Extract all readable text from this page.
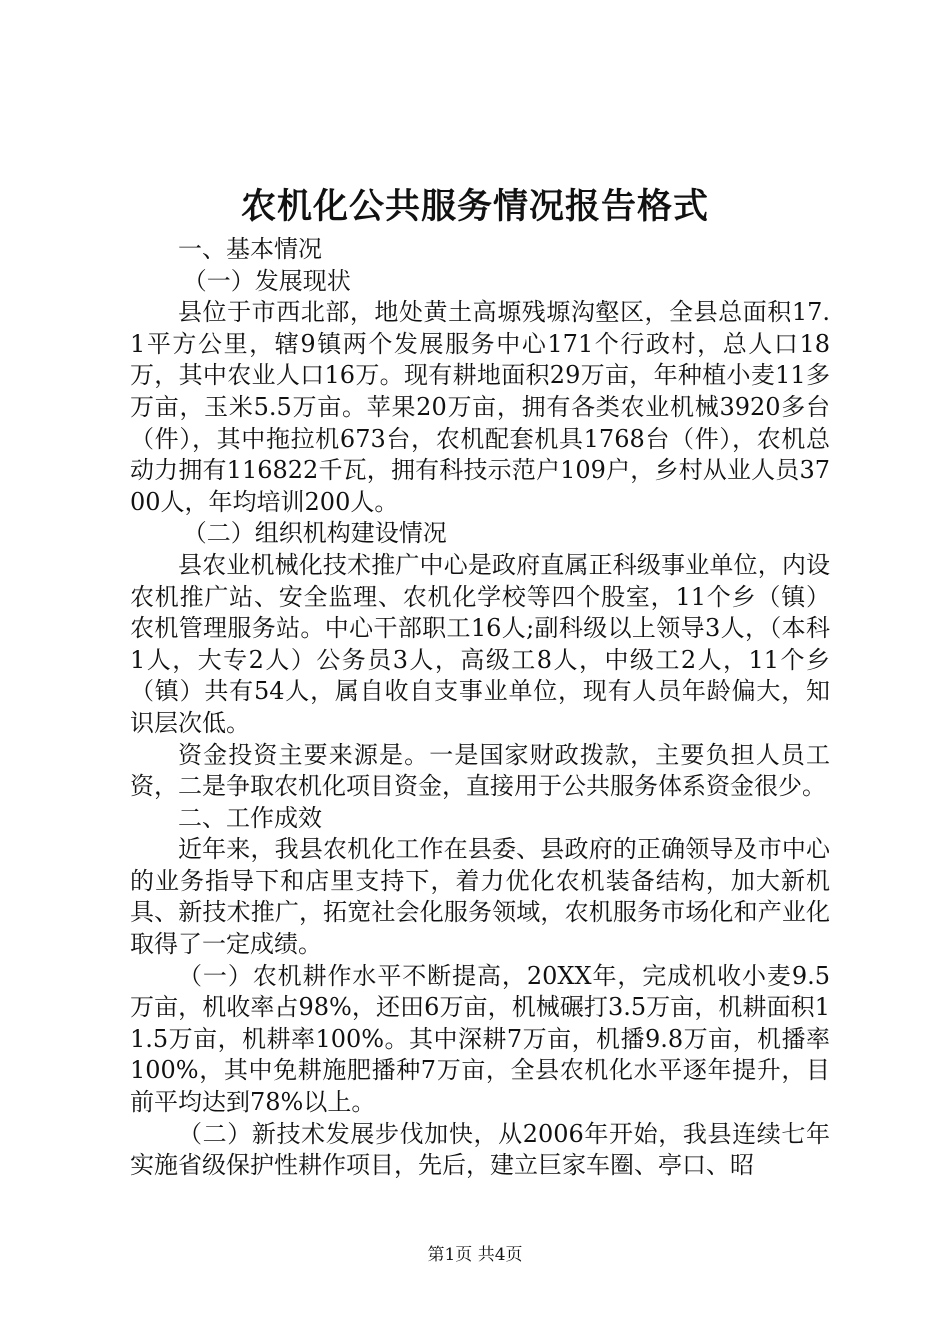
农机化公共服务情况报告格式

一、基本情况

（一）发展现状

县位于市西北部，地处黄土高塬残塬沟壑区，全县总面积17.1平方公里，辖9镇两个发展服务中心171个行政村，总人口18万，其中农业人口16万。现有耕地面积29万亩，年种植小麦11多万亩，玉米5.5万亩。苹果20万亩，拥有各类农业机械3920多台（件），其中拖拉机673台，农机配套机具1768台（件），农机总动力拥有116822千瓦，拥有科技示范户109户，乡村从业人员3700人，年均培训200人。

（二）组织机构建设情况

县农业机械化技术推广中心是政府直属正科级事业单位，内设农机推广站、安全监理、农机化学校等四个股室，11个乡（镇）农机管理服务站。中心干部职工16人;副科级以上领导3人，（本科1人，大专2人）公务员3人，高级工8人，中级工2人，11个乡（镇）共有54人，属自收自支事业单位，现有人员年龄偏大，知识层次低。

资金投资主要来源是。一是国家财政拨款，主要负担人员工资，二是争取农机化项目资金，直接用于公共服务体系资金很少。

二、工作成效

近年来，我县农机化工作在县委、县政府的正确领导及市中心的业务指导下和店里支持下，着力优化农机装备结构，加大新机具、新技术推广，拓宽社会化服务领域，农机服务市场化和产业化取得了一定成绩。

（一）农机耕作水平不断提高，20XX年，完成机收小麦9.5万亩，机收率占98%，还田6万亩，机械碾打3.5万亩，机耕面积11.5万亩，机耕率100%。其中深耕7万亩，机播9.8万亩，机播率100%，其中免耕施肥播种7万亩，全县农机化水平逐年提升，目前平均达到78%以上。

（二）新技术发展步伐加快，从2006年开始，我县连续七年实施省级保护性耕作项目，先后，建立巨家车圈、亭口、昭

第1页 共4页
